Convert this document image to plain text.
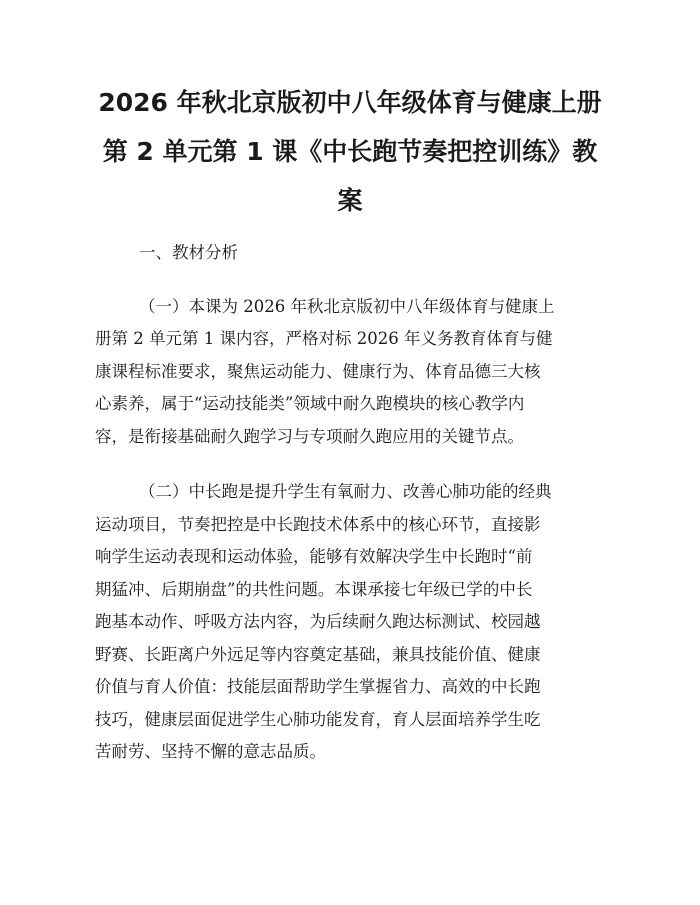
2026 年秋北京版初中八年级体育与健康上册
第 2 单元第 1 课《中长跑节奏把控训练》教
案

一、教材分析

（一）本课为 2026 年秋北京版初中八年级体育与健康上

册第 2 单元第 1 课内容，严格对标 2026 年义务教育体育与健

康课程标准要求，聚焦运动能力、健康行为、体育品德三大核

心素养，属于“运动技能类”领域中耐久跑模块的核心教学内

容，是衔接基础耐久跑学习与专项耐久跑应用的关键节点。

（二）中长跑是提升学生有氧耐力、改善心肺功能的经典

运动项目，节奏把控是中长跑技术体系中的核心环节，直接影

响学生运动表现和运动体验，能够有效解决学生中长跑时“前

期猛冲、后期崩盘”的共性问题。本课承接七年级已学的中长

跑基本动作、呼吸方法内容，为后续耐久跑达标测试、校园越

野赛、长距离户外远足等内容奠定基础，兼具技能价值、健康

价值与育人价值：技能层面帮助学生掌握省力、高效的中长跑

技巧，健康层面促进学生心肺功能发育，育人层面培养学生吃

苦耐劳、坚持不懈的意志品质。
